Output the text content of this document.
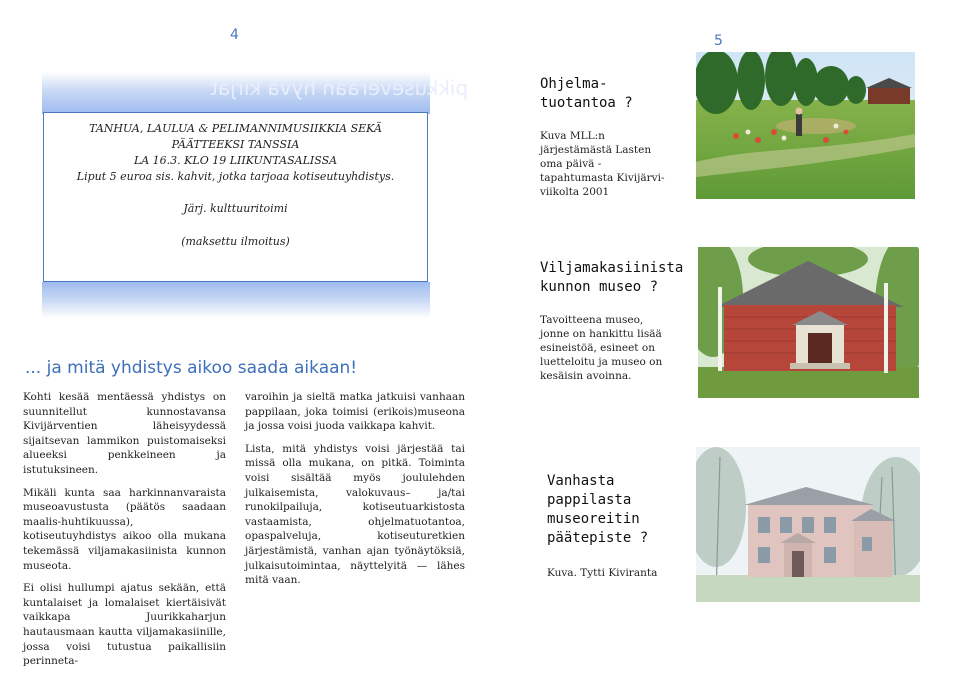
4
pikkuseveraan hyvä kirjat
TANHUA, LAULUA & PELIMANNIMUSIIKKIA SEKÄ
PÄÄTTEEKSI TANSSIA
LA 16.3. KLO 19 LIIKUNTASALISSA
Liput 5 euroa sis. kahvit, jotka tarjoaa kotiseutuyhdistys.
Järj. kulttuuritoimi
(maksettu ilmoitus)
... ja mitä yhdistys aikoo saada aikaan!

Kohti kesää mentäessä yhdistys on suunnitellut kunnostavansa Kivijärventien läheisyydessä sijaitsevan lammikon puistomaiseksi alueeksi penkkeineen ja istutuksineen.

Mikäli kunta saa harkinnanvaraista museoavustusta (päätös saadaan maalis-huhtikuussa), kotiseutuyhdistys aikoo olla mukana tekemässä viljamakasiinista kunnon museota.

Ei olisi hullumpi ajatus sekään, että kuntalaiset ja lomalaiset kiertäisivät vaikkapa Juurikkaharjun hautausmaan kautta viljamakasiinille, jossa voisi tutustua paikallisiin perinneta-

varoihin ja sieltä matka jatkuisi vanhaan pappilaan, joka toimisi (erikois)museona ja jossa voisi juoda vaikkapa kahvit.

Lista, mitä yhdistys voisi järjestää tai missä olla mukana, on pitkä. Toiminta voisi sisältää myös joululehden julkaisemista, valokuvaus– ja/tai runokilpailuja, kotiseutuarkistosta vastaamista, ohjelmatuotantoa, opaspalveluja, kotiseuturetkien järjestämistä, vanhan ajan työnäytöksiä, julkaisutoimintaa, näyttelyitä — lähes mitä vaan.

5
Ohjelma-
tuotantoa ?
Kuva MLL:n järjestämästä Lasten oma päivä -tapahtumasta Kivijärvi-viikolta 2001
Viljamakasiinista
kunnon museo ?
Tavoitteena museo, jonne on hankittu lisää esineistöä, esineet on luetteloitu ja museo on kesäisin avoinna.
Vanhasta
pappilasta
museoreitin
päätepiste ?
Kuva. Tytti Kiviranta
